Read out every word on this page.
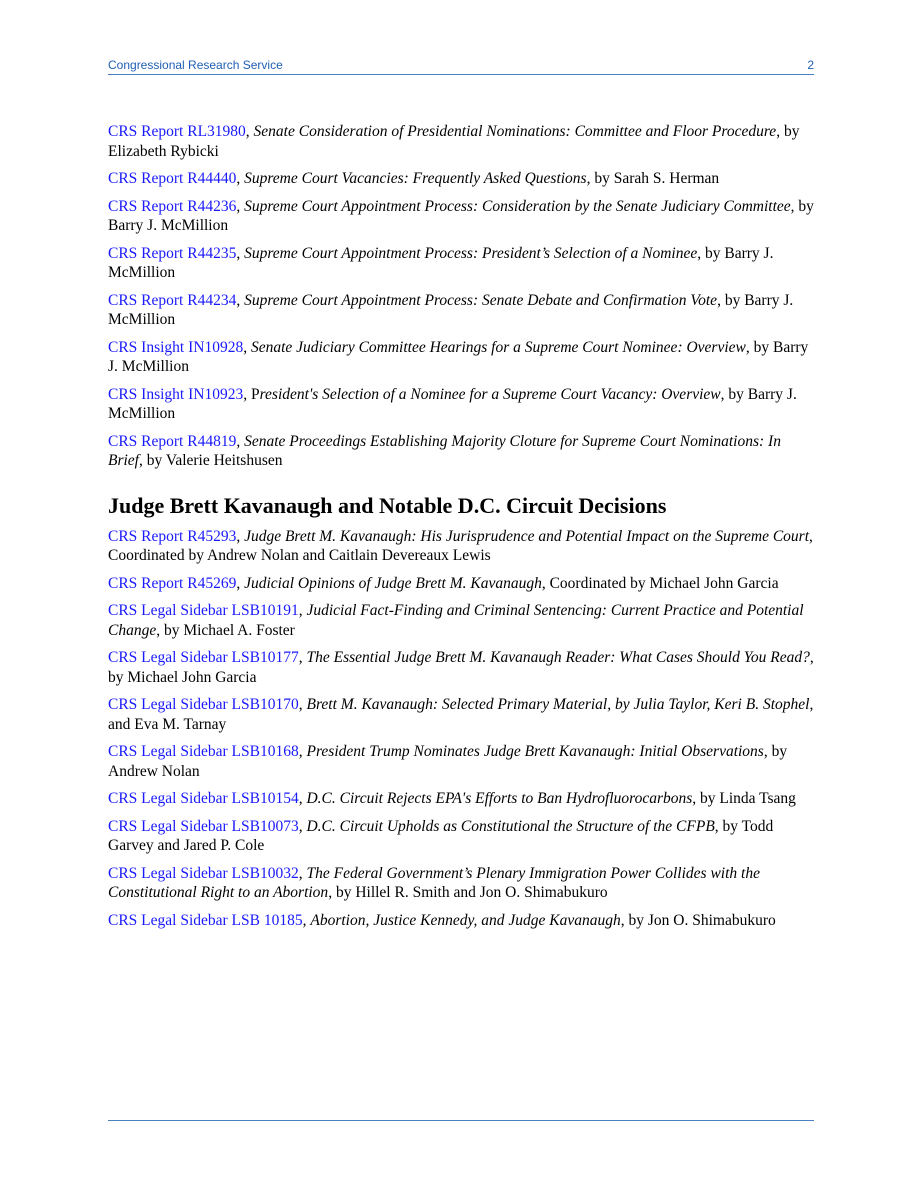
Congressional Research Service	2

CRS Report RL31980, Senate Consideration of Presidential Nominations: Committee and Floor Procedure, by Elizabeth Rybicki

CRS Report R44440, Supreme Court Vacancies: Frequently Asked Questions, by Sarah S. Herman

CRS Report R44236, Supreme Court Appointment Process: Consideration by the Senate Judiciary Committee, by Barry J. McMillion

CRS Report R44235, Supreme Court Appointment Process: President’s Selection of a Nominee, by Barry J. McMillion

CRS Report R44234, Supreme Court Appointment Process: Senate Debate and Confirmation Vote, by Barry J. McMillion

CRS Insight IN10928, Senate Judiciary Committee Hearings for a Supreme Court Nominee: Overview, by Barry J. McMillion

CRS Insight IN10923, President's Selection of a Nominee for a Supreme Court Vacancy: Overview, by Barry J. McMillion

CRS Report R44819, Senate Proceedings Establishing Majority Cloture for Supreme Court Nominations: In Brief, by Valerie Heitshusen

Judge Brett Kavanaugh and Notable D.C. Circuit Decisions

CRS Report R45293, Judge Brett M. Kavanaugh: His Jurisprudence and Potential Impact on the Supreme Court, Coordinated by Andrew Nolan and Caitlain Devereaux Lewis

CRS Report R45269, Judicial Opinions of Judge Brett M. Kavanaugh, Coordinated by Michael John Garcia

CRS Legal Sidebar LSB10191, Judicial Fact-Finding and Criminal Sentencing: Current Practice and Potential Change, by Michael A. Foster

CRS Legal Sidebar LSB10177, The Essential Judge Brett M. Kavanaugh Reader: What Cases Should You Read?, by Michael John Garcia

CRS Legal Sidebar LSB10170, Brett M. Kavanaugh: Selected Primary Material, by Julia Taylor, Keri B. Stophel, and Eva M. Tarnay

CRS Legal Sidebar LSB10168, President Trump Nominates Judge Brett Kavanaugh: Initial Observations, by Andrew Nolan

CRS Legal Sidebar LSB10154, D.C. Circuit Rejects EPA's Efforts to Ban Hydrofluorocarbons, by Linda Tsang

CRS Legal Sidebar LSB10073, D.C. Circuit Upholds as Constitutional the Structure of the CFPB, by Todd Garvey and Jared P. Cole

CRS Legal Sidebar LSB10032, The Federal Government’s Plenary Immigration Power Collides with the Constitutional Right to an Abortion, by Hillel R. Smith and Jon O. Shimabukuro

CRS Legal Sidebar LSB 10185, Abortion, Justice Kennedy, and Judge Kavanaugh, by Jon O. Shimabukuro
